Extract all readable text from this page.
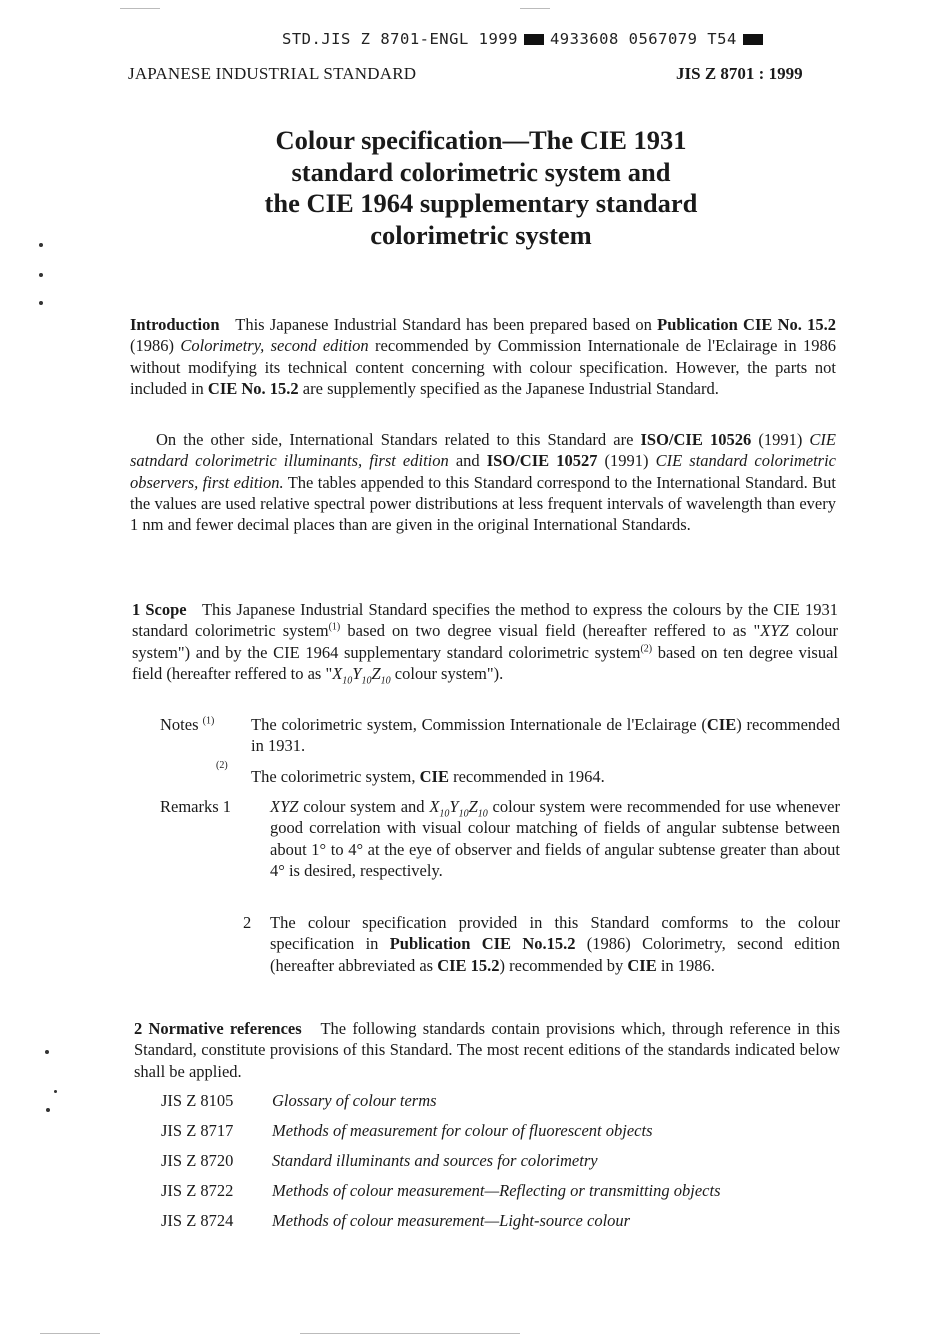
STD.JIS Z 8701-ENGL 1999 4933608 0567079 T54
JAPANESE INDUSTRIAL STANDARD	JIS Z 8701 : 1999
Colour specification—The CIE 1931
standard colorimetric system and
the CIE 1964 supplementary standard
colorimetric system
Introduction This Japanese Industrial Standard has been prepared based on Publication CIE No. 15.2 (1986) Colorimetry, second edition recommended by Commission Internationale de l'Eclairage in 1986 without modifying its technical content concerning with colour specification. However, the parts not included in CIE No. 15.2 are supplemently specified as the Japanese Industrial Standard.
On the other side, International Standars related to this Standard are ISO/CIE 10526 (1991) CIE satndard colorimetric illuminants, first edition and ISO/CIE 10527 (1991) CIE standard colorimetric observers, first edition. The tables appended to this Standard correspond to the International Standard. But the values are used relative spectral power distributions at less frequent intervals of wavelength than every 1 nm and fewer decimal places than are given in the original International Standards.
1 Scope This Japanese Industrial Standard specifies the method to express the colours by the CIE 1931 standard colorimetric system$^{(1)}$ based on two degree visual field (hereafter reffered to as "XYZ colour system") and by the CIE 1964 supplementary standard colorimetric system$^{(2)}$ based on ten degree visual field (hereafter reffered to as "$X_{10}Y_{10}Z_{10}$ colour system").
Notes $^{(1)}$ The colorimetric system, Commission Internationale de l'Eclairage (CIE) recommended in 1931.
(2)
The colorimetric system, CIE recommended in 1964.
Remarks 1 XYZ colour system and $X_{10}Y_{10}Z_{10}$ colour system were recommended for use whenever good correlation with visual colour matching of fields of angular subtense between about 1° to 4° at the eye of observer and fields of angular subtense greater than about 4° is desired, respectively.
2 The colour specification provided in this Standard comforms to the colour specification in Publication CIE No.15.2 (1986) Colorimetry, second edition (hereafter abbreviated as CIE 15.2) recommended by CIE in 1986.
2 Normative references The following standards contain provisions which, through reference in this Standard, constitute provisions of this Standard. The most recent editions of the standards indicated below shall be applied.
JIS Z 8105 Glossary of colour terms
JIS Z 8717 Methods of measurement for colour of fluorescent objects
JIS Z 8720 Standard illuminants and sources for colorimetry
JIS Z 8722 Methods of colour measurement—Reflecting or transmitting objects
JIS Z 8724 Methods of colour measurement—Light-source colour
